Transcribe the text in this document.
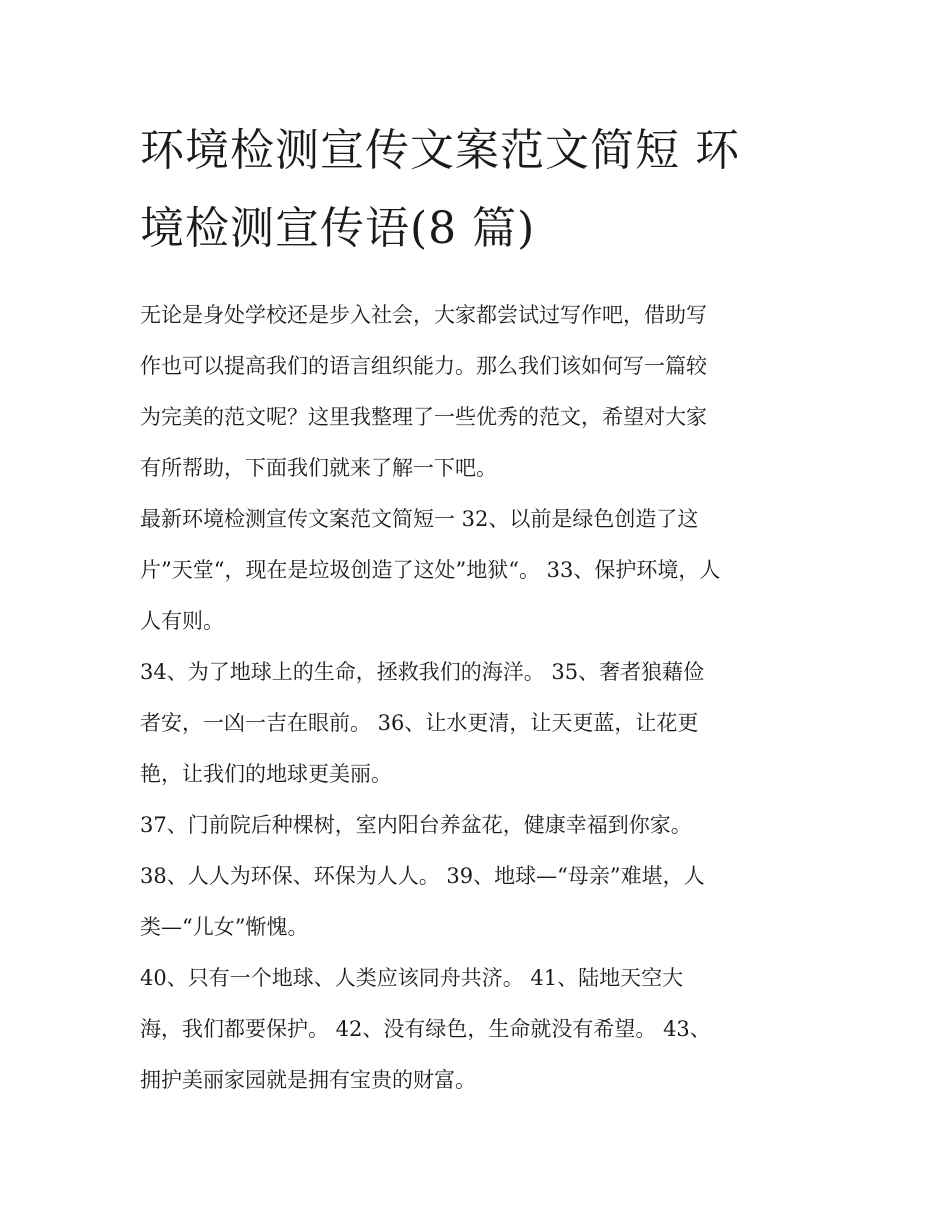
环境检测宣传文案范文简短 环
境检测宣传语(8 篇)
无论是身处学校还是步入社会，大家都尝试过写作吧，借助写
作也可以提高我们的语言组织能力。那么我们该如何写一篇较
为完美的范文呢？这里我整理了一些优秀的范文，希望对大家
有所帮助，下面我们就来了解一下吧。
最新环境检测宣传文案范文简短一 32、以前是绿色创造了这
片”天堂“，现在是垃圾创造了这处”地狱“。 33、保护环境，人
人有则。
34、为了地球上的生命，拯救我们的海洋。 35、奢者狼藉俭
者安，一凶一吉在眼前。 36、让水更清，让天更蓝，让花更
艳，让我们的地球更美丽。
37、门前院后种棵树，室内阳台养盆花，健康幸福到你家。
38、人人为环保、环保为人人。 39、地球—“母亲”难堪，人
类—“儿女”惭愧。
40、只有一个地球、人类应该同舟共济。 41、陆地天空大
海，我们都要保护。 42、没有绿色，生命就没有希望。 43、
拥护美丽家园就是拥有宝贵的财富。
